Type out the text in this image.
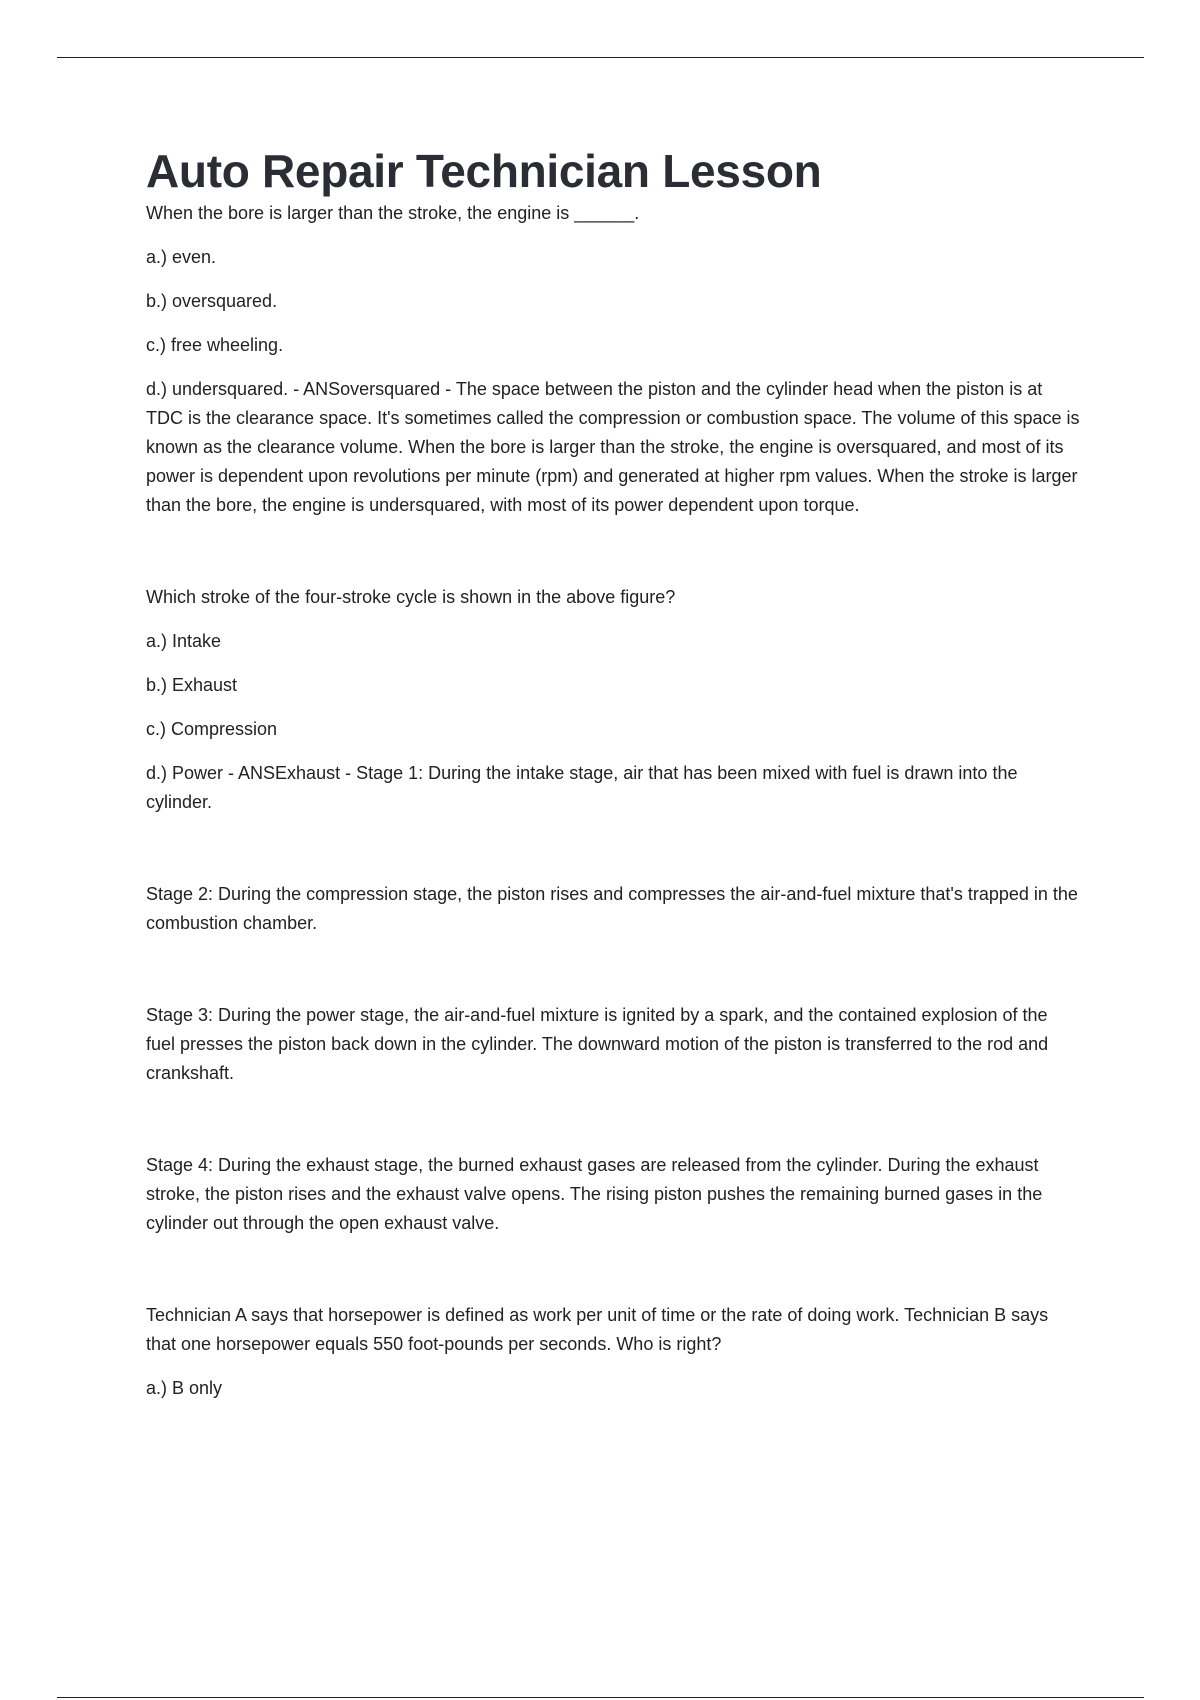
Auto Repair Technician Lesson

When the bore is larger than the stroke, the engine is ______.

a.) even.

b.) oversquared.

c.) free wheeling.

d.) undersquared. - ANSoversquared - The space between the piston and the cylinder head when the piston is at TDC is the clearance space. It's sometimes called the compression or combustion space. The volume of this space is known as the clearance volume. When the bore is larger than the stroke, the engine is oversquared, and most of its power is dependent upon revolutions per minute (rpm) and generated at higher rpm values. When the stroke is larger than the bore, the engine is undersquared, with most of its power dependent upon torque.

Which stroke of the four-stroke cycle is shown in the above figure?

a.) Intake

b.) Exhaust

c.) Compression

d.) Power - ANSExhaust - Stage 1: During the intake stage, air that has been mixed with fuel is drawn into the cylinder.

Stage 2: During the compression stage, the piston rises and compresses the air-and-fuel mixture that's trapped in the combustion chamber.

Stage 3: During the power stage, the air-and-fuel mixture is ignited by a spark, and the contained explosion of the fuel presses the piston back down in the cylinder. The downward motion of the piston is transferred to the rod and crankshaft.

Stage 4: During the exhaust stage, the burned exhaust gases are released from the cylinder. During the exhaust stroke, the piston rises and the exhaust valve opens. The rising piston pushes the remaining burned gases in the cylinder out through the open exhaust valve.

Technician A says that horsepower is defined as work per unit of time or the rate of doing work. Technician B says that one horsepower equals 550 foot-pounds per seconds. Who is right?

a.) B only
